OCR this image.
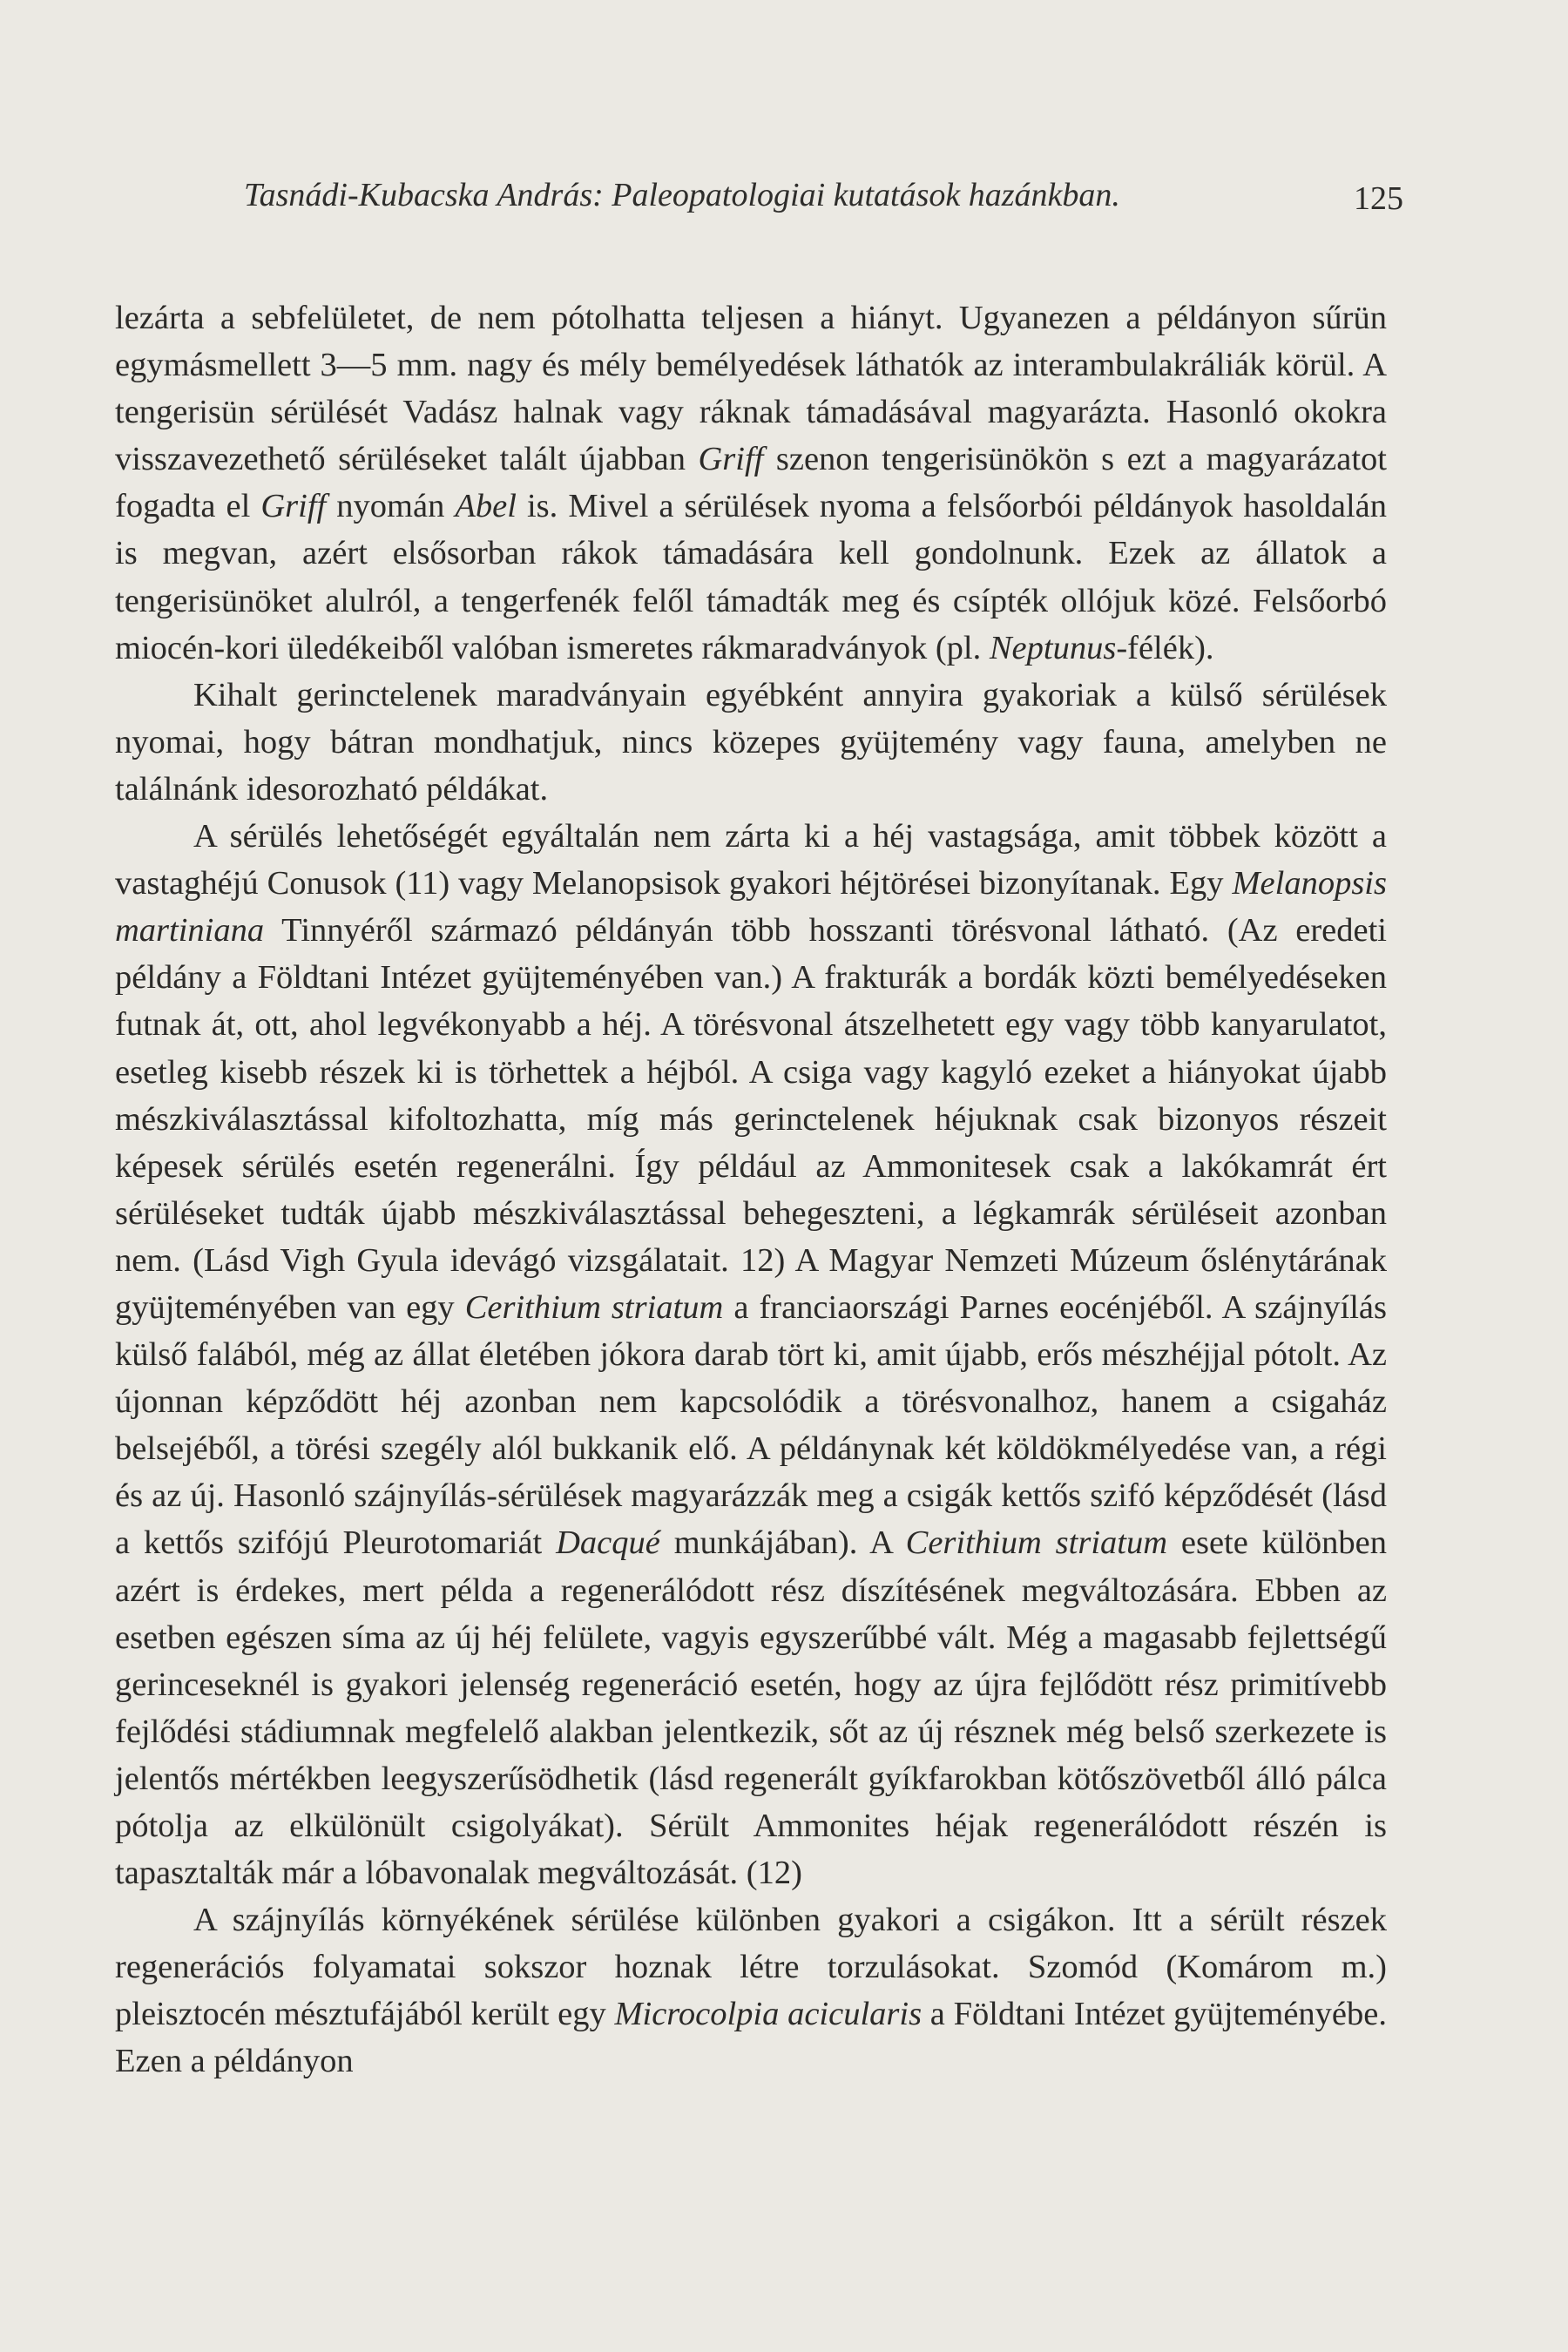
Tasnádi-Kubacska András: Paleopatologiai kutatások hazánkban.	125

lezárta a sebfelületet, de nem pótolhatta teljesen a hiányt. Ugyanezen a példányon sűrün egymásmellett 3—5 mm. nagy és mély bemélyedések láthatók az interambulakráliák körül. A tengerisün sérülését Vadász halnak vagy ráknak támadásával magyarázta. Hasonló okokra visszavezethető sérüléseket talált újabban Griff szenon tengerisünökön s ezt a magyarázatot fogadta el Griff nyomán Abel is. Mivel a sérülések nyoma a felsőorbói példányok hasoldalán is megvan, azért elsősorban rákok támadására kell gondolnunk. Ezek az állatok a tengerisünöket alulról, a tengerfenék felől támadták meg és csípték ollójuk közé. Felsőorbó miocén-kori üledékeiből valóban ismeretes rákmaradványok (pl. Neptunus-félék).

Kihalt gerinctelenek maradványain egyébként annyira gyakoriak a külső sérülések nyomai, hogy bátran mondhatjuk, nincs közepes gyüjtemény vagy fauna, amelyben ne találnánk idesorozható példákat.

A sérülés lehetőségét egyáltalán nem zárta ki a héj vastagsága, amit többek között a vastaghéjú Conusok (11) vagy Melanopsisok gyakori héjtörései bizonyítanak. Egy Melanopsis martiniana Tinnyéről származó példányán több hosszanti törésvonal látható. (Az eredeti példány a Földtani Intézet gyüjteményében van.) A frakturák a bordák közti bemélyedéseken futnak át, ott, ahol legvékonyabb a héj. A törésvonal átszelhetett egy vagy több kanyarulatot, esetleg kisebb részek ki is törhettek a héjból. A csiga vagy kagyló ezeket a hiányokat újabb mészkiválasztással kifoltozhatta, míg más gerinctelenek héjuknak csak bizonyos részeit képesek sérülés esetén regenerálni. Így például az Ammonitesek csak a lakókamrát ért sérüléseket tudták újabb mészkiválasztással behegeszteni, a légkamrák sérüléseit azonban nem. (Lásd Vigh Gyula idevágó vizsgálatait. 12) A Magyar Nemzeti Múzeum őslénytárának gyüjteményében van egy Cerithium striatum a franciaországi Parnes eocénjéből. A szájnyílás külső falából, még az állat életében jókora darab tört ki, amit újabb, erős mészhéjjal pótolt. Az újonnan képződött héj azonban nem kapcsolódik a törésvonalhoz, hanem a csigaház belsejéből, a törési szegély alól bukkanik elő. A példánynak két köldökmélyedése van, a régi és az új. Hasonló szájnyílás-sérülések magyarázzák meg a csigák kettős szifó képződését (lásd a kettős szifójú Pleurotomariát Dacqué munkájában). A Cerithium striatum esete különben azért is érdekes, mert példa a regenerálódott rész díszítésének megváltozására. Ebben az esetben egészen síma az új héj felülete, vagyis egyszerűbbé vált. Még a magasabb fejlettségű gerinceseknél is gyakori jelenség regeneráció esetén, hogy az újra fejlődött rész primitívebb fejlődési stádiumnak megfelelő alakban jelentkezik, sőt az új résznek még belső szerkezete is jelentős mértékben leegyszerűsödhetik (lásd regenerált gyíkfarokban kötőszövetből álló pálca pótolja az elkülönült csigolyákat). Sérült Ammonites héjak regenerálódott részén is tapasztalták már a lóbavonalak megváltozását. (12)

A szájnyílás környékének sérülése különben gyakori a csigákon. Itt a sérült részek regenerációs folyamatai sokszor hoznak létre torzulásokat. Szomód (Komárom m.) pleisztocén mésztufájából került egy Microcolpia acicularis a Földtani Intézet gyüjteményébe. Ezen a példányon
